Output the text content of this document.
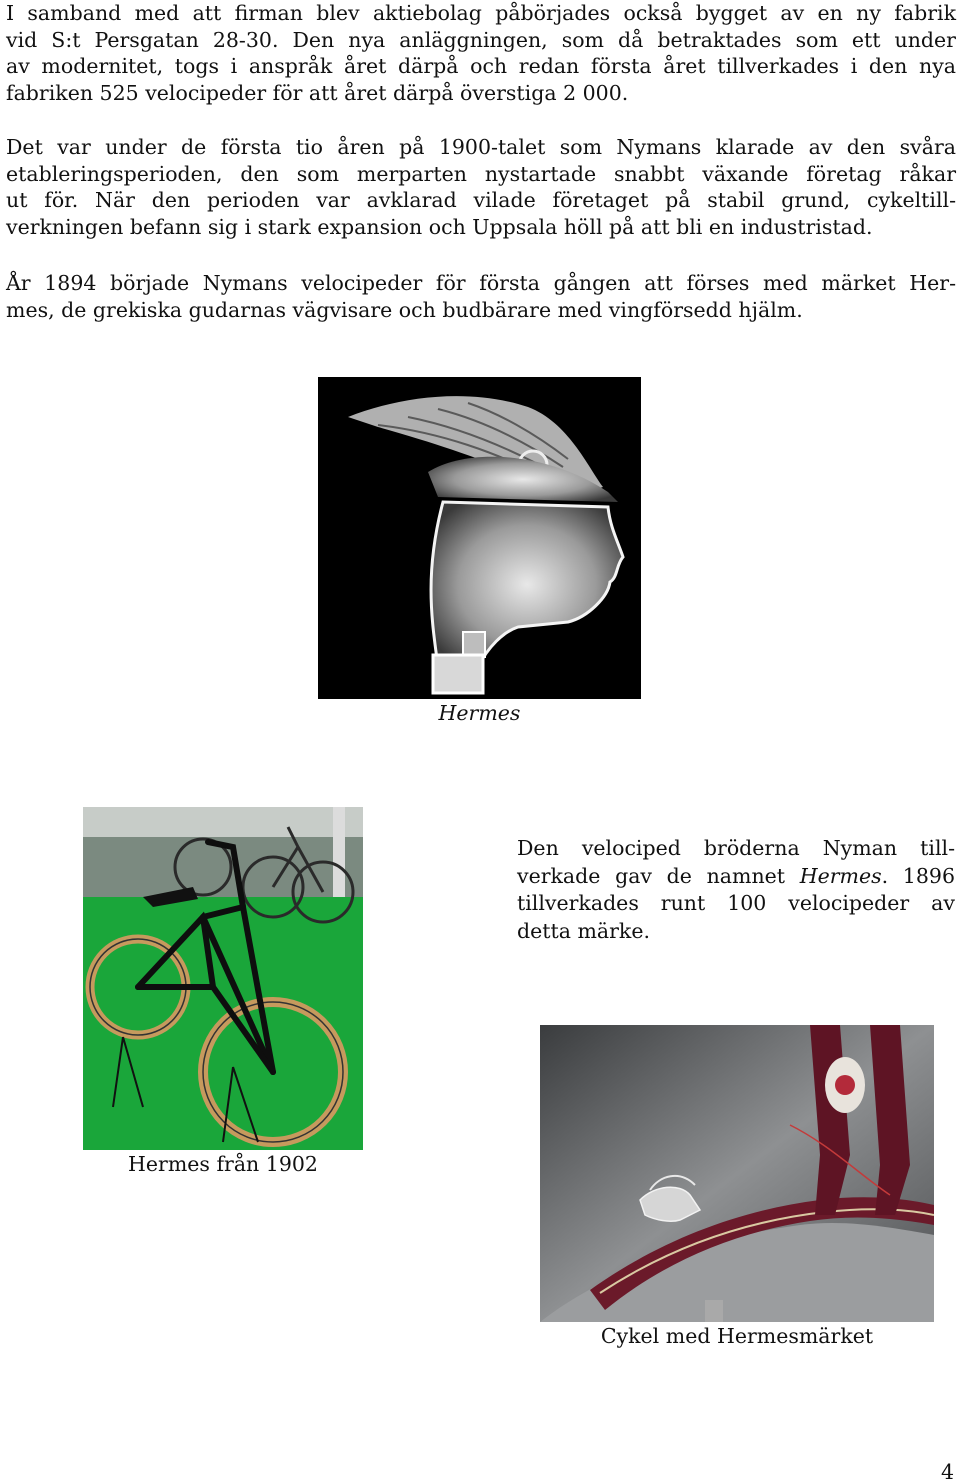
I samband med att firman blev aktiebolag påbörjades också bygget av en ny fabrik
vid S:t Persgatan 28-30. Den nya anläggningen, som då betraktades som ett under
av modernitet, togs i anspråk året därpå och redan första året tillverkades i den nya
fabriken 525 velocipeder för att året därpå överstiga 2 000.
Det var under de första tio åren på 1900-talet som Nymans klarade av den svåra
etableringsperioden, den som merparten nystartade snabbt växande företag råkar
ut för. När den perioden var avklarad vilade företaget på stabil grund, cykeltill-
verkningen befann sig i stark expansion och Uppsala höll på att bli en industristad.
År 1894 började Nymans velocipeder för första gången att förses med märket Her-
mes, de grekiska gudarnas vägvisare och budbärare med vingförsedd hjälm.
Hermes
Hermes från 1902
Den velociped bröderna Nyman till-
verkade gav de namnet Hermes. 1896
tillverkades runt 100 velocipeder av
detta märke.
Cykel med Hermesmärket
4
